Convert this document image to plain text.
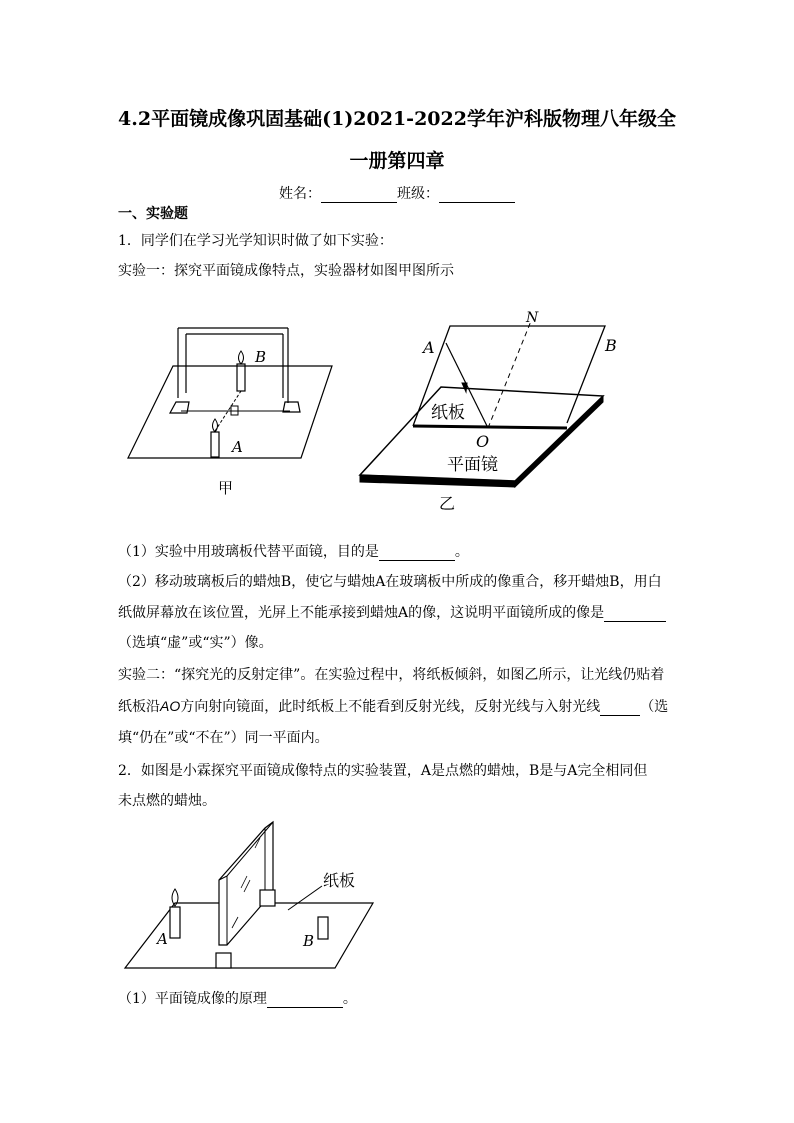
4.2平面镜成像巩固基础(1)2021-2022学年沪科版物理八年级全
一册第四章
姓名：	班级：
一、实验题
1．同学们在学习光学知识时做了如下实验：
实验一：探究平面镜成像特点，实验器材如图甲图所示
B
A
甲
A	B
N
O
纸板
平面镜
乙
（1）实验中用玻璃板代替平面镜，目的是	。
（2）移动玻璃板后的蜡烛B，使它与蜡烛A在玻璃板中所成的像重合，移开蜡烛B，用白
纸做屏幕放在该位置，光屏上不能承接到蜡烛A的像，这说明平面镜所成的像是
（选填“虚”或“实”）像。
实验二：“探究光的反射定律”。在实验过程中，将纸板倾斜，如图乙所示，让光线仍贴着
纸板沿AO方向射向镜面，此时纸板上不能看到反射光线，反射光线与入射光线	（选
填“仍在”或“不在”）同一平面内。
2．如图是小霖探究平面镜成像特点的实验装置，A是点燃的蜡烛，B是与A完全相同但
未点燃的蜡烛。
纸板
A	B
（1）平面镜成像的原理	。
